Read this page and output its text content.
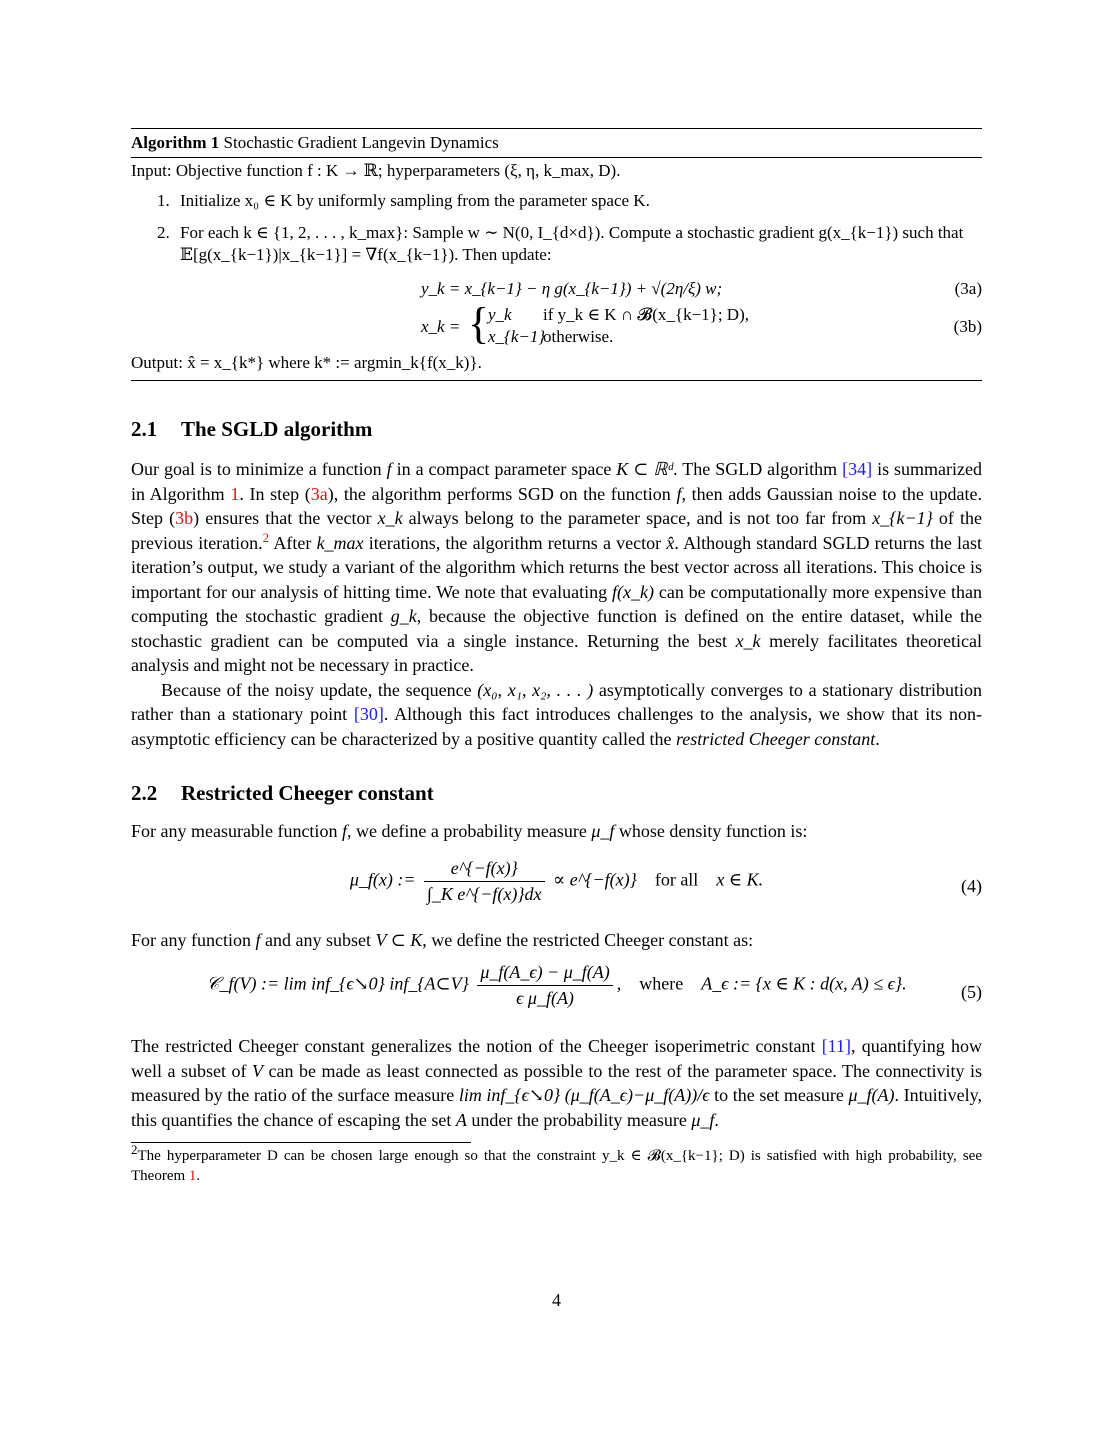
Algorithm 1 Stochastic Gradient Langevin Dynamics
Input: Objective function f : K → ℝ; hyperparameters (ξ, η, k_max, D).
1. Initialize x₀ ∈ K by uniformly sampling from the parameter space K.
2. For each k ∈ {1, 2, . . . , k_max}: Sample w ∼ N(0, I_{d×d}). Compute a stochastic gradient g(x_{k−1}) such that
𝔼[g(x_{k−1})|x_{k−1}] = ∇f(x_{k−1}). Then update:
y_k = x_{k−1} − η g(x_{k−1}) + √(2η/ξ) w;	(3a)
x_k = {
y_k if y_k ∈ K ∩ 𝓑(x_{k−1}; D),
x_{k−1}
otherwise.
(3b)
Output: x̂ = x_{k*} where k* := argmin_k{f(x_k)}.
2.1 The SGLD algorithm

Our goal is to minimize a function f in a compact parameter space K ⊂ ℝᵈ. The SGLD algorithm [34] is summarized in Algorithm 1. In step (3a), the algorithm performs SGD on the function f, then adds Gaussian noise to the update. Step (3b) ensures that the vector x_k always belong to the parameter space, and is not too far from x_{k−1} of the previous iteration.$^2$ After k_max iterations, the algorithm returns a vector x̂. Although standard SGLD returns the last iteration’s output, we study a variant of the algorithm which returns the best vector across all iterations. This choice is important for our analysis of hitting time. We note that evaluating f(x_k) can be computationally more expensive than computing the stochastic gradient g_k, because the objective function is defined on the entire dataset, while the stochastic gradient can be computed via a single instance. Returning the best x_k merely facilitates theoretical analysis and might not be necessary in practice.

Because of the noisy update, the sequence (x₀, x₁, x₂, . . . ) asymptotically converges to a stationary distribution rather than a stationary point [30]. Although this fact introduces challenges to the analysis, we show that its non-asymptotic efficiency can be characterized by a positive quantity called the restricted Cheeger constant.

2.2 Restricted Cheeger constant

For any measurable function f, we define a probability measure μ_f whose density function is:

μ_f(x) := $\frac{e\^{}\{-f(x)\}}{\text{∫\_K e\textasciicircum{}\{−f(x)\}dx}}$ ∝ e^{−f(x)} for all x ∈ K.	(4)

For any function f and any subset V ⊂ K, we define the restricted Cheeger constant as:

𝒞_f(V) := lim inf_{ϵ↘0} inf_{A⊂V} $\frac{\mu\_f(A\_\epsilon) - \mu\_f(A)}{\text{ϵ μ\_f(A)}}$ ,    where A_ϵ := {x ∈ K : d(x, A) ≤ ϵ}.	(5)

The restricted Cheeger constant generalizes the notion of the Cheeger isoperimetric constant [11], quantifying how well a subset of V can be made as least connected as possible to the rest of the parameter space. The connectivity is measured by the ratio of the surface measure lim inf_{ϵ↘0} (μ_f(A_ϵ)−μ_f(A))/ϵ to the set measure μ_f(A). Intuitively, this quantifies the chance of escaping the set A under the probability measure μ_f.

$^2$The hyperparameter D can be chosen large enough so that the constraint y_k ∈ 𝓑(x_{k−1}; D) is satisfied with high probability, see Theorem 1.
4
